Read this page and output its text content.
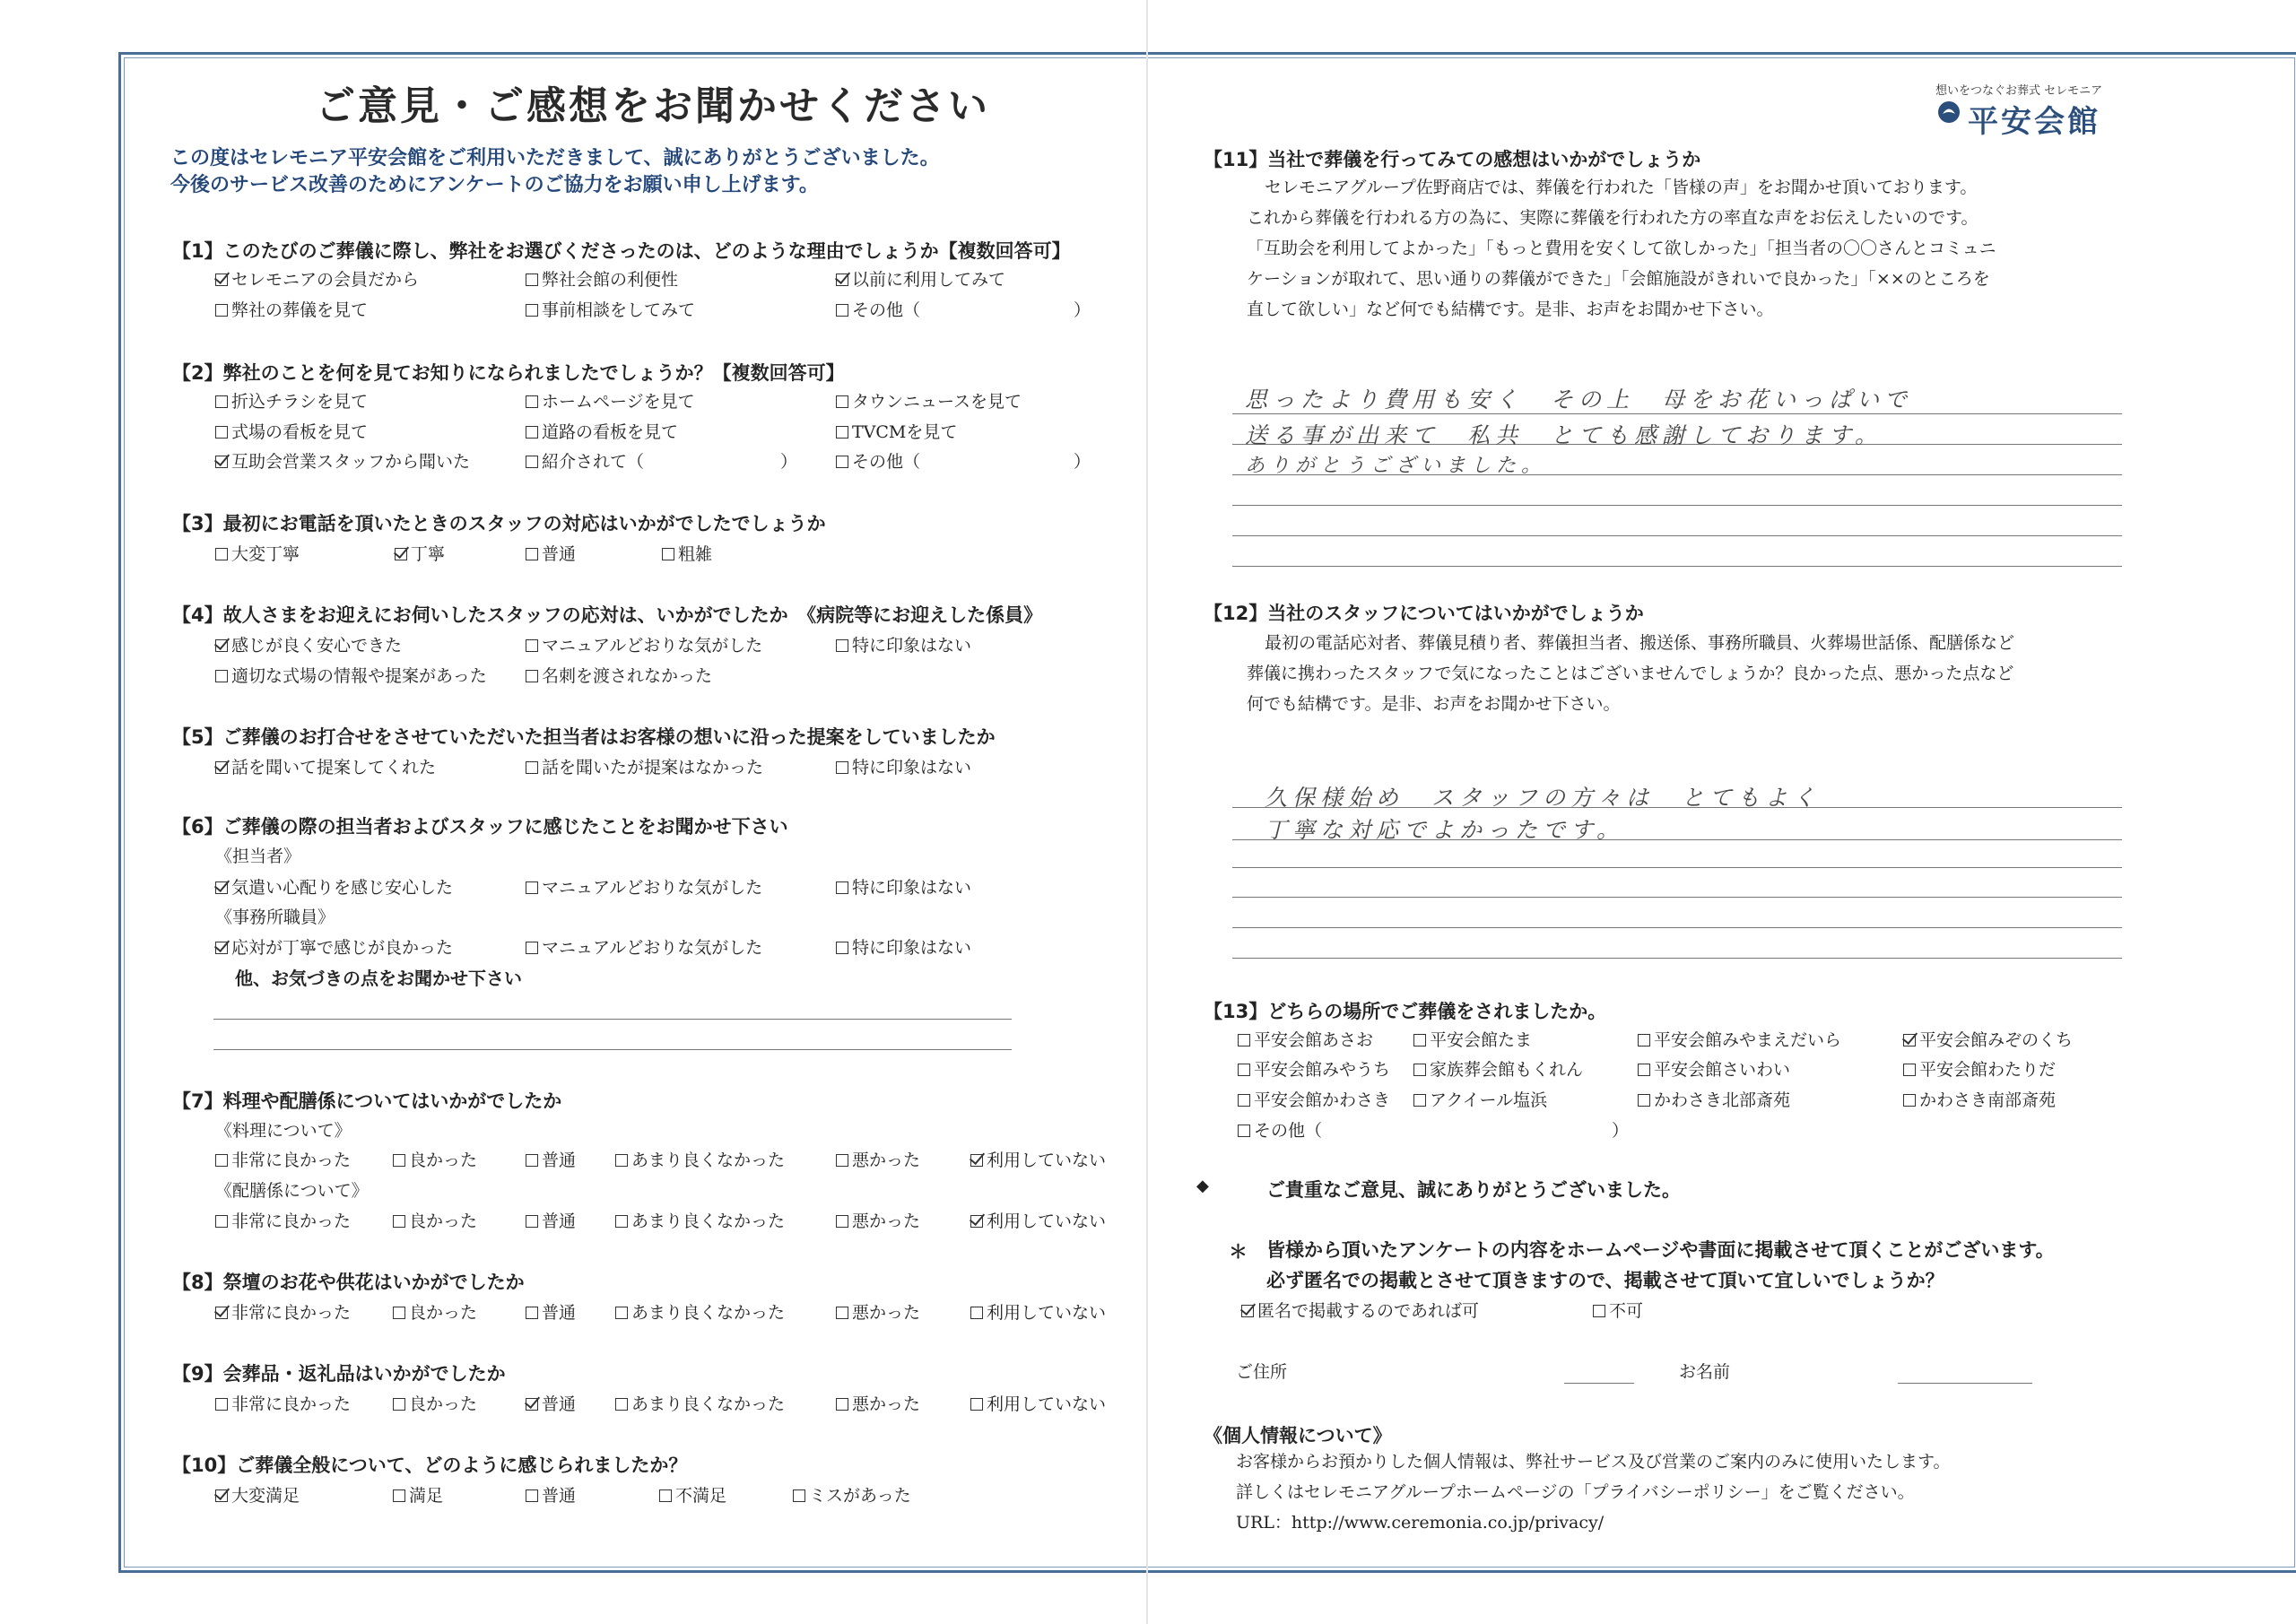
ご意見・ご感想をお聞かせください
この度はセレモニア平安会館をご利用いただきまして、誠にありがとうございました。
今後のサービス改善のためにアンケートのご協力をお願い申し上げます。
【1】このたびのご葬儀に際し、弊社をお選びくださったのは、どのような理由でしょうか【複数回答可】
セレモニアの会員だから	弊社会館の利便性	以前に利用してみて
弊社の葬儀を見て	事前相談をしてみて	その他（　　　　　　　　　）
【2】弊社のことを何を見てお知りになられましたでしょうか？【複数回答可】
折込チラシを見て	ホームページを見て	タウンニュースを見て
式場の看板を見て	道路の看板を見て	TVCMを見て
互助会営業スタッフから聞いた	紹介されて（　　　　　　　　）	その他（　　　　　　　　　）
【3】最初にお電話を頂いたときのスタッフの対応はいかがでしたでしょうか
大変丁寧	丁寧	普通	粗雑
【4】故人さまをお迎えにお伺いしたスタッフの応対は、いかがでしたか　《病院等にお迎えした係員》
感じが良く安心できた	マニュアルどおりな気がした	特に印象はない
適切な式場の情報や提案があった	名刺を渡されなかった
【5】ご葬儀のお打合せをさせていただいた担当者はお客様の想いに沿った提案をしていましたか
話を聞いて提案してくれた	話を聞いたが提案はなかった	特に印象はない
【6】ご葬儀の際の担当者およびスタッフに感じたことをお聞かせ下さい
《担当者》
気遣い心配りを感じ安心した	マニュアルどおりな気がした	特に印象はない
《事務所職員》
応対が丁寧で感じが良かった	マニュアルどおりな気がした	特に印象はない
他、お気づきの点をお聞かせ下さい
【7】料理や配膳係についてはいかがでしたか
《料理について》
非常に良かった	良かった	普通	あまり良くなかった	悪かった	利用していない
《配膳係について》
非常に良かった	良かった	普通	あまり良くなかった	悪かった	利用していない
【8】祭壇のお花や供花はいかがでしたか
非常に良かった	良かった	普通	あまり良くなかった	悪かった	利用していない
【9】会葬品・返礼品はいかがでしたか
非常に良かった	良かった	普通	あまり良くなかった	悪かった	利用していない
【10】ご葬儀全般について、どのように感じられましたか？
大変満足	満足	普通	不満足	ミスがあった
想いをつなぐお葬式 セレモニア
平安会館
【11】当社で葬儀を行ってみての感想はいかがでしょうか
セレモニアグループ佐野商店では、葬儀を行われた「皆様の声」をお聞かせ頂いております。
これから葬儀を行われる方の為に、実際に葬儀を行われた方の率直な声をお伝えしたいのです。
「互助会を利用してよかった」「もっと費用を安くして欲しかった」「担当者の〇〇さんとコミュニ
ケーションが取れて、思い通りの葬儀ができた」「会館施設がきれいで良かった」「××のところを
直して欲しい」など何でも結構です。是非、お声をお聞かせ下さい。
思ったより費用も安く　その上　母をお花いっぱいで
送る事が出来て　私共　とても感謝しております。
ありがとうございました。
【12】当社のスタッフについてはいかがでしょうか
最初の電話応対者、葬儀見積り者、葬儀担当者、搬送係、事務所職員、火葬場世話係、配膳係など
葬儀に携わったスタッフで気になったことはございませんでしょうか？良かった点、悪かった点など
何でも結構です。是非、お声をお聞かせ下さい。
久保様始め　スタッフの方々は　とてもよく
丁寧な対応でよかったです。
【13】どちらの場所でご葬儀をされましたか。
平安会館あさお	平安会館たま	平安会館みやまえだいら	平安会館みぞのくち
平安会館みやうち	家族葬会館もくれん	平安会館さいわい	平安会館わたりだ
平安会館かわさき	アクイール塩浜	かわさき北部斎苑	かわさき南部斎苑
その他（　　　　　　　　　　　　　　　　　）
◆	ご貴重なご意見、誠にありがとうございました。
＊ 皆様から頂いたアンケートの内容をホームページや書面に掲載させて頂くことがございます。
必ず匿名での掲載とさせて頂きますので、掲載させて頂いて宜しいでしょうか？
匿名で掲載するのであれば可	不可
ご住所	お名前
《個人情報について》
お客様からお預かりした個人情報は、弊社サービス及び営業のご案内のみに使用いたします。
詳しくはセレモニアグループホームページの「プライバシーポリシー」をご覧ください。
URL：http://www.ceremonia.co.jp/privacy/
